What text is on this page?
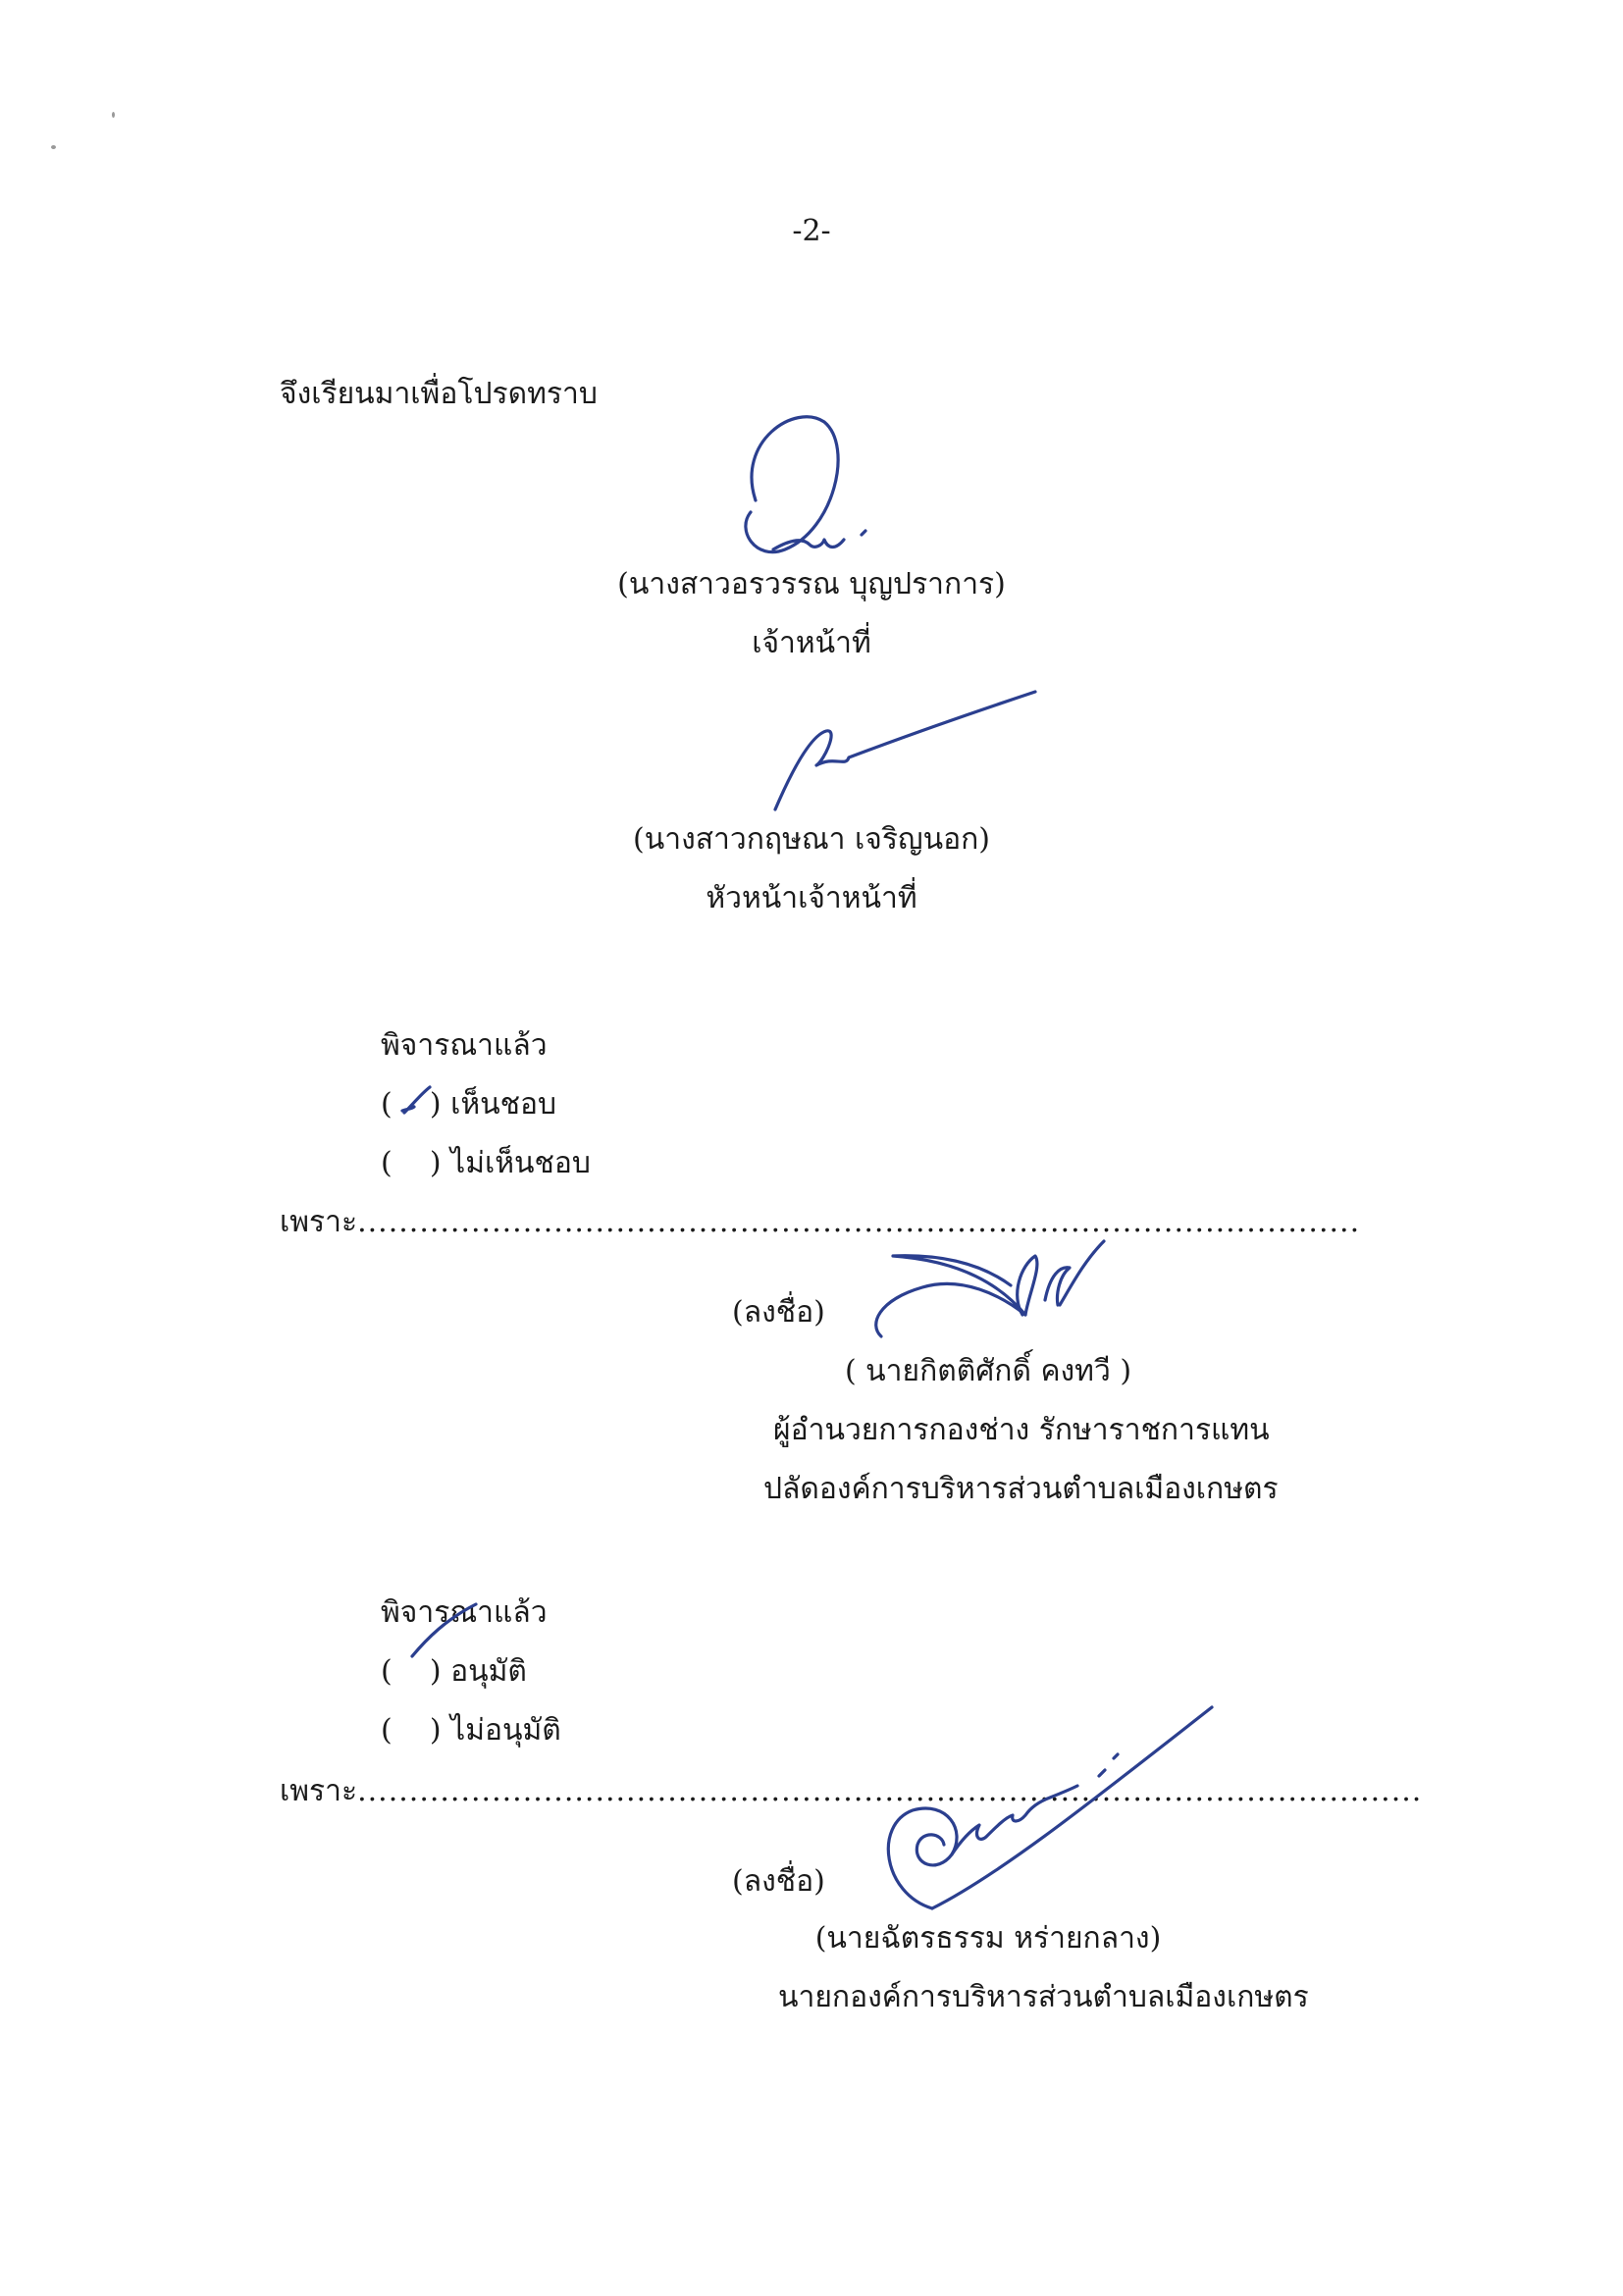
-2-
จึงเรียนมาเพื่อโปรดทราบ
(นางสาวอรวรรณ บุญปราการ)
เจ้าหน้าที่
(นางสาวกฤษณา เจริญนอก)
หัวหน้าเจ้าหน้าที่
พิจารณาแล้ว
(    ) เห็นชอบ
(    ) ไม่เห็นชอบ
เพราะ.................................................................................................
(ลงชื่อ)
( นายกิตติศักดิ์ คงทวี )
ผู้อำนวยการกองช่าง รักษาราชการแทน
ปลัดองค์การบริหารส่วนตำบลเมืองเกษตร
พิจารณาแล้ว
(    ) อนุมัติ
(    ) ไม่อนุมัติ
เพราะ.......................................................................................................
(ลงชื่อ)
(นายฉัตรธรรม หร่ายกลาง)
นายกองค์การบริหารส่วนตำบลเมืองเกษตร
